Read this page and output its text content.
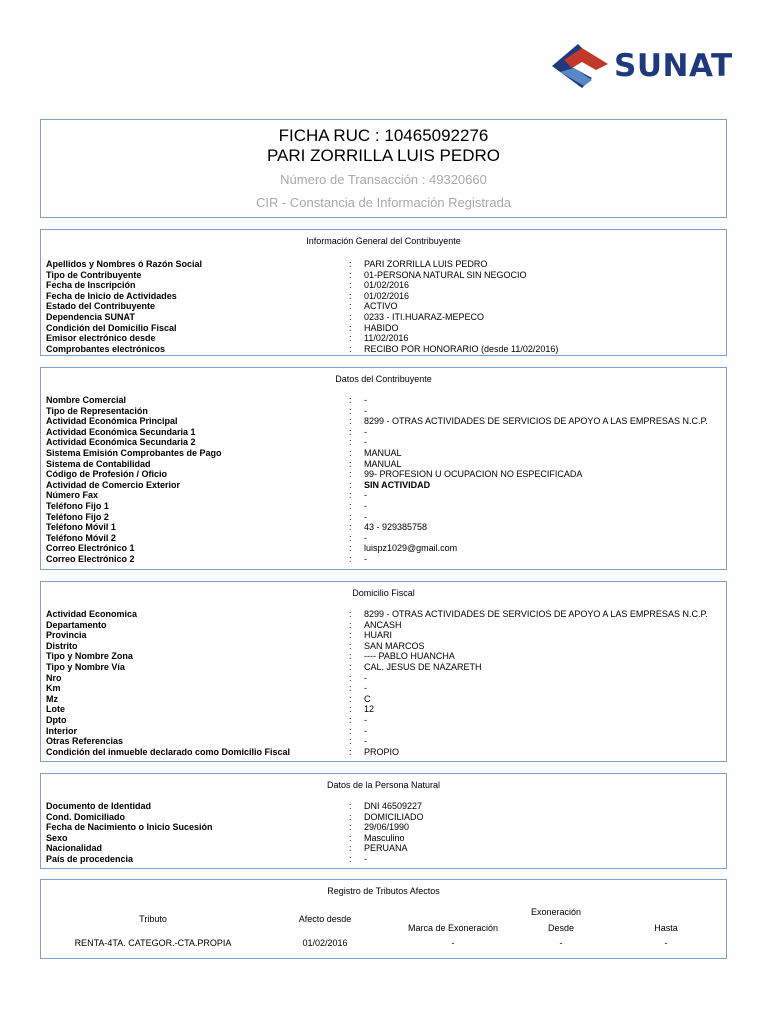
SUNAT
FICHA RUC : 10465092276
PARI ZORRILLA LUIS PEDRO
Número de Transacción : 49320660
CIR - Constancia de Información Registrada
Información General del Contribuyente
Apellidos y Nombres ó Razón Social	: PARI ZORRILLA LUIS PEDRO
Tipo de Contribuyente	: 01-PERSONA NATURAL SIN NEGOCIO
Fecha de Inscripción	: 01/02/2016
Fecha de Inicio de Actividades	: 01/02/2016
Estado del Contribuyente	: ACTIVO
Dependencia SUNAT	: 0233 - ITI.HUARAZ-MEPECO
Condición del Domicilio Fiscal	: HABIDO
Emisor electrónico desde	: 11/02/2016
Comprobantes electrónicos	: RECIBO POR HONORARIO (desde 11/02/2016)
Datos del Contribuyente
Nombre Comercial	: -
Tipo de Representación	: -
Actividad Económica Principal	: 8299 - OTRAS ACTIVIDADES DE SERVICIOS DE APOYO A LAS EMPRESAS N.C.P.
Actividad Económica Secundaria 1	: -
Actividad Económica Secundaria 2	: -
Sistema Emisión Comprobantes de Pago	: MANUAL
Sistema de Contabilidad	: MANUAL
Código de Profesión / Oficio	: 99- PROFESION U OCUPACION NO ESPECIFICADA
Actividad de Comercio Exterior	: SIN ACTIVIDAD
Número Fax	: -
Teléfono Fijo 1	: -
Teléfono Fijo 2	: -
Teléfono Móvil 1	: 43 - 929385758
Teléfono Móvil 2	: -
Correo Electrónico 1	: luispz1029@gmail.com
Correo Electrónico 2	: -
Domicilio Fiscal
Actividad Economica	: 8299 - OTRAS ACTIVIDADES DE SERVICIOS DE APOYO A LAS EMPRESAS N.C.P.
Departamento	: ANCASH
Provincia	: HUARI
Distrito	: SAN MARCOS
Tipo y Nombre Zona	: ---- PABLO HUANCHA
Tipo y Nombre Vía	: CAL. JESUS DE NAZARETH
Nro	: -
Km	: -
Mz	: C
Lote	: 12
Dpto	: -
Interior	: -
Otras Referencias	: -
Condición del inmueble declarado como Domicilio Fiscal	: PROPIO
Datos de la Persona Natural
Documento de Identidad	: DNI 46509227
Cond. Domiciliado	: DOMICILIADO
Fecha de Nacimiento o Inicio Sucesión	: 29/06/1990
Sexo	: Masculino
Nacionalidad	: PERUANA
País de procedencia	: -
Registro de Tributos Afectos
Tributo	Afecto desde
Exoneración
Marca de Exoneración	Desde	Hasta
RENTA-4TA. CATEGOR.-CTA.PROPIA	01/02/2016	-	-	-
